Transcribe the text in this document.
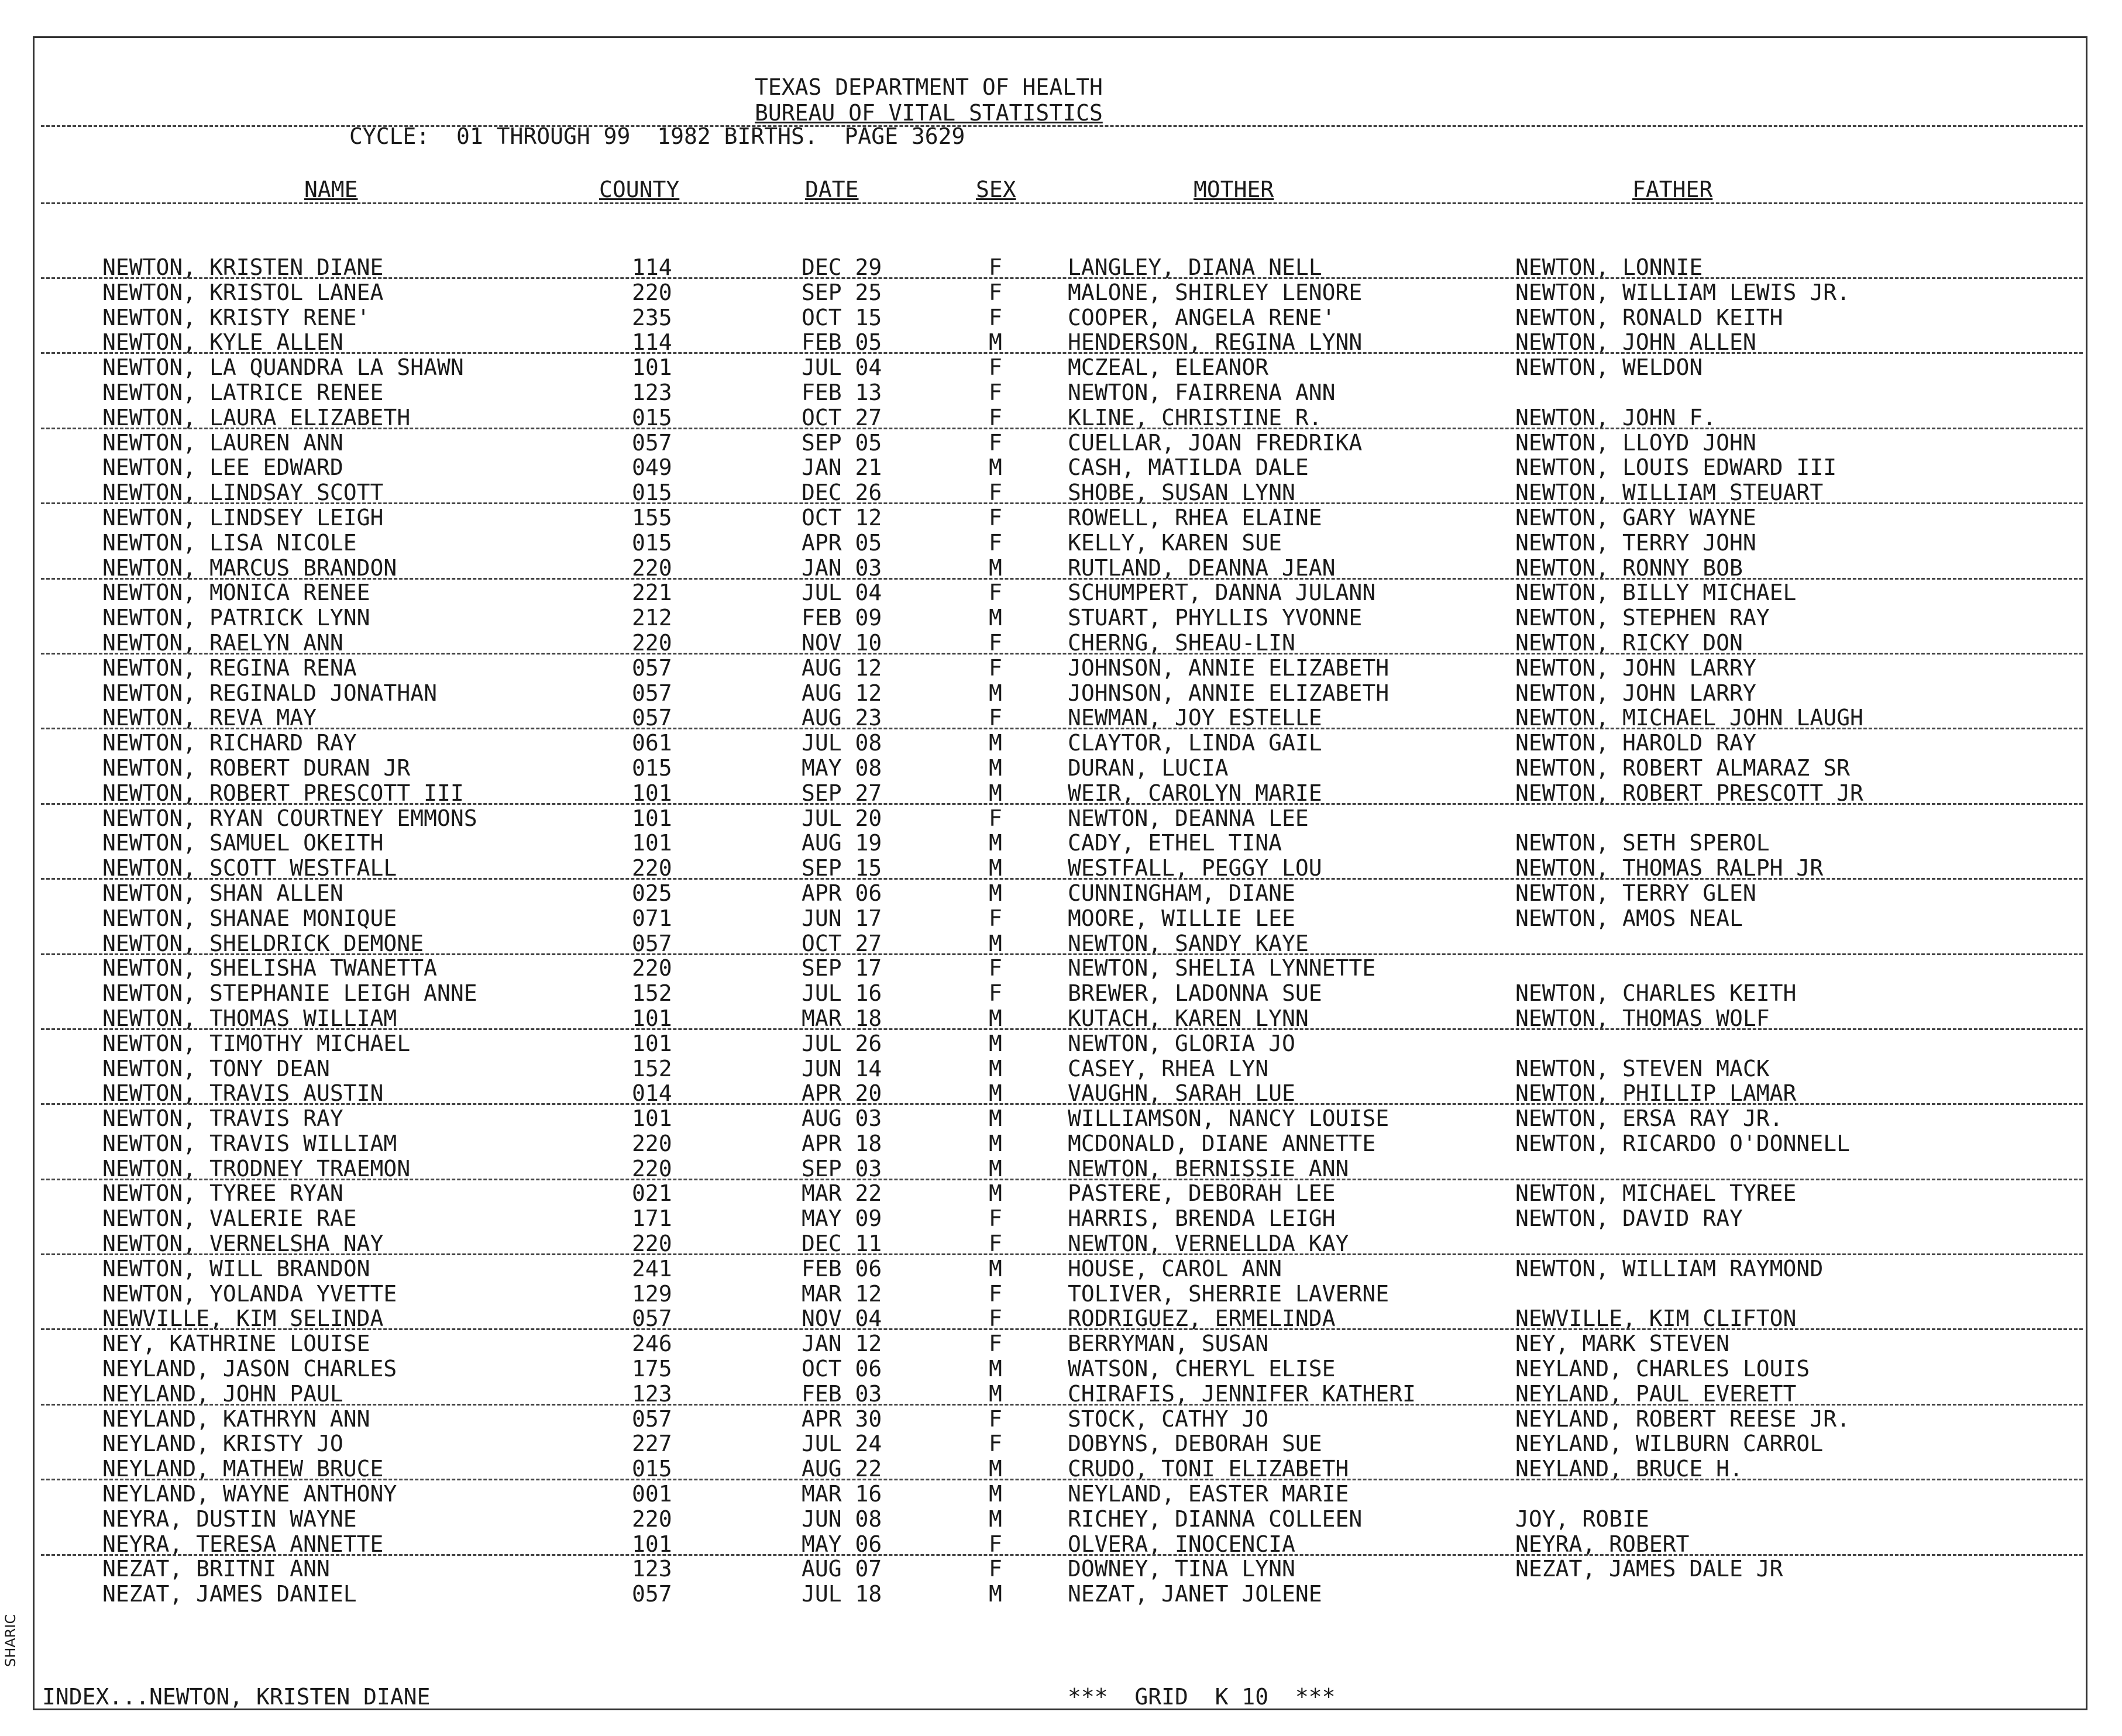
TEXAS DEPARTMENT OF HEALTH
BUREAU OF VITAL STATISTICS
CYCLE:  01 THROUGH 99  1982 BIRTHS.  PAGE 3629
NAME	COUNTY	DATE	SEX	MOTHER	FATHER
NEWTON, KRISTEN DIANE	114	DEC 29	F	LANGLEY, DIANA NELL	NEWTON, LONNIE
NEWTON, KRISTOL LANEA	220	SEP 25	F	MALONE, SHIRLEY LENORE	NEWTON, WILLIAM LEWIS JR.
NEWTON, KRISTY RENE'	235	OCT 15	F	COOPER, ANGELA RENE'	NEWTON, RONALD KEITH
NEWTON, KYLE ALLEN	114	FEB 05	M	HENDERSON, REGINA LYNN	NEWTON, JOHN ALLEN
NEWTON, LA QUANDRA LA SHAWN	101	JUL 04	F	MCZEAL, ELEANOR	NEWTON, WELDON
NEWTON, LATRICE RENEE	123	FEB 13	F	NEWTON, FAIRRENA ANN
NEWTON, LAURA ELIZABETH	015	OCT 27	F	KLINE, CHRISTINE R.	NEWTON, JOHN F.
NEWTON, LAUREN ANN	057	SEP 05	F	CUELLAR, JOAN FREDRIKA	NEWTON, LLOYD JOHN
NEWTON, LEE EDWARD	049	JAN 21	M	CASH, MATILDA DALE	NEWTON, LOUIS EDWARD III
NEWTON, LINDSAY SCOTT	015	DEC 26	F	SHOBE, SUSAN LYNN	NEWTON, WILLIAM STEUART
NEWTON, LINDSEY LEIGH	155	OCT 12	F	ROWELL, RHEA ELAINE	NEWTON, GARY WAYNE
NEWTON, LISA NICOLE	015	APR 05	F	KELLY, KAREN SUE	NEWTON, TERRY JOHN
NEWTON, MARCUS BRANDON	220	JAN 03	M	RUTLAND, DEANNA JEAN	NEWTON, RONNY BOB
NEWTON, MONICA RENEE	221	JUL 04	F	SCHUMPERT, DANNA JULANN	NEWTON, BILLY MICHAEL
NEWTON, PATRICK LYNN	212	FEB 09	M	STUART, PHYLLIS YVONNE	NEWTON, STEPHEN RAY
NEWTON, RAELYN ANN	220	NOV 10	F	CHERNG, SHEAU-LIN	NEWTON, RICKY DON
NEWTON, REGINA RENA	057	AUG 12	F	JOHNSON, ANNIE ELIZABETH	NEWTON, JOHN LARRY
NEWTON, REGINALD JONATHAN	057	AUG 12	M	JOHNSON, ANNIE ELIZABETH	NEWTON, JOHN LARRY
NEWTON, REVA MAY	057	AUG 23	F	NEWMAN, JOY ESTELLE	NEWTON, MICHAEL JOHN LAUGH
NEWTON, RICHARD RAY	061	JUL 08	M	CLAYTOR, LINDA GAIL	NEWTON, HAROLD RAY
NEWTON, ROBERT DURAN JR	015	MAY 08	M	DURAN, LUCIA	NEWTON, ROBERT ALMARAZ SR
NEWTON, ROBERT PRESCOTT III	101	SEP 27	M	WEIR, CAROLYN MARIE	NEWTON, ROBERT PRESCOTT JR
NEWTON, RYAN COURTNEY EMMONS	101	JUL 20	F	NEWTON, DEANNA LEE
NEWTON, SAMUEL OKEITH	101	AUG 19	M	CADY, ETHEL TINA	NEWTON, SETH SPEROL
NEWTON, SCOTT WESTFALL	220	SEP 15	M	WESTFALL, PEGGY LOU	NEWTON, THOMAS RALPH JR
NEWTON, SHAN ALLEN	025	APR 06	M	CUNNINGHAM, DIANE	NEWTON, TERRY GLEN
NEWTON, SHANAE MONIQUE	071	JUN 17	F	MOORE, WILLIE LEE	NEWTON, AMOS NEAL
NEWTON, SHELDRICK DEMONE	057	OCT 27	M	NEWTON, SANDY KAYE
NEWTON, SHELISHA TWANETTA	220	SEP 17	F	NEWTON, SHELIA LYNNETTE
NEWTON, STEPHANIE LEIGH ANNE	152	JUL 16	F	BREWER, LADONNA SUE	NEWTON, CHARLES KEITH
NEWTON, THOMAS WILLIAM	101	MAR 18	M	KUTACH, KAREN LYNN	NEWTON, THOMAS WOLF
NEWTON, TIMOTHY MICHAEL	101	JUL 26	M	NEWTON, GLORIA JO
NEWTON, TONY DEAN	152	JUN 14	M	CASEY, RHEA LYN	NEWTON, STEVEN MACK
NEWTON, TRAVIS AUSTIN	014	APR 20	M	VAUGHN, SARAH LUE	NEWTON, PHILLIP LAMAR
NEWTON, TRAVIS RAY	101	AUG 03	M	WILLIAMSON, NANCY LOUISE	NEWTON, ERSA RAY JR.
NEWTON, TRAVIS WILLIAM	220	APR 18	M	MCDONALD, DIANE ANNETTE	NEWTON, RICARDO O'DONNELL
NEWTON, TRODNEY TRAEMON	220	SEP 03	M	NEWTON, BERNISSIE ANN
NEWTON, TYREE RYAN	021	MAR 22	M	PASTERE, DEBORAH LEE	NEWTON, MICHAEL TYREE
NEWTON, VALERIE RAE	171	MAY 09	F	HARRIS, BRENDA LEIGH	NEWTON, DAVID RAY
NEWTON, VERNELSHA NAY	220	DEC 11	F	NEWTON, VERNELLDA KAY
NEWTON, WILL BRANDON	241	FEB 06	M	HOUSE, CAROL ANN	NEWTON, WILLIAM RAYMOND
NEWTON, YOLANDA YVETTE	129	MAR 12	F	TOLIVER, SHERRIE LAVERNE
NEWVILLE, KIM SELINDA	057	NOV 04	F	RODRIGUEZ, ERMELINDA	NEWVILLE, KIM CLIFTON
NEY, KATHRINE LOUISE	246	JAN 12	F	BERRYMAN, SUSAN	NEY, MARK STEVEN
NEYLAND, JASON CHARLES	175	OCT 06	M	WATSON, CHERYL ELISE	NEYLAND, CHARLES LOUIS
NEYLAND, JOHN PAUL	123	FEB 03	M	CHIRAFIS, JENNIFER KATHERI	NEYLAND, PAUL EVERETT
NEYLAND, KATHRYN ANN	057	APR 30	F	STOCK, CATHY JO	NEYLAND, ROBERT REESE JR.
NEYLAND, KRISTY JO	227	JUL 24	F	DOBYNS, DEBORAH SUE	NEYLAND, WILBURN CARROL
NEYLAND, MATHEW BRUCE	015	AUG 22	M	CRUDO, TONI ELIZABETH	NEYLAND, BRUCE H.
NEYLAND, WAYNE ANTHONY	001	MAR 16	M	NEYLAND, EASTER MARIE
NEYRA, DUSTIN WAYNE	220	JUN 08	M	RICHEY, DIANNA COLLEEN	JOY, ROBIE
NEYRA, TERESA ANNETTE	101	MAY 06	F	OLVERA, INOCENCIA	NEYRA, ROBERT
NEZAT, BRITNI ANN	123	AUG 07	F	DOWNEY, TINA LYNN	NEZAT, JAMES DALE JR
NEZAT, JAMES DANIEL	057	JUL 18	M	NEZAT, JANET JOLENE
INDEX...NEWTON, KRISTEN DIANE	***  GRID  K 10  ***
SHARIC
